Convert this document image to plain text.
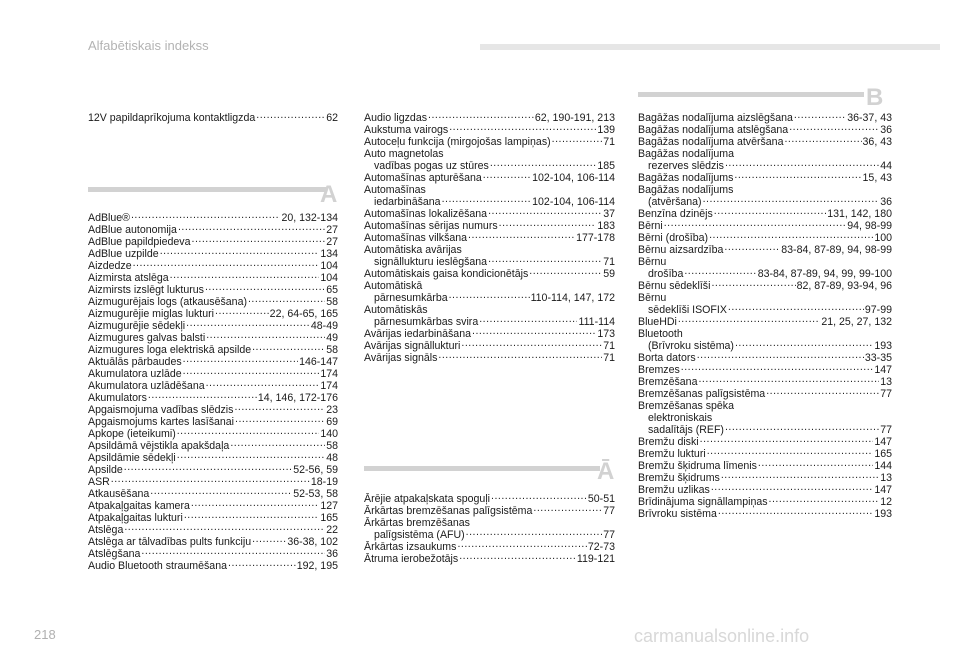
Alfabētiskais indekss
12V papildaprīkojuma kontaktligzda .....	62
A
AdBlue® .....	20, 132-134
AdBlue autonomija .....	27
AdBlue papildpiedeva .....	27
AdBlue uzpilde .....	134
Aizdedze .....	104
Aizmirsta atslēga .....	104
Aizmirsts izslēgt lukturus .....	65
Aizmugurējais logs (atkausēšana) .....	58
Aizmugurējie miglas lukturi .....	22, 64-65, 165
Aizmugurējie sēdekļi .....	48-49
Aizmugures galvas balsti .....	49
Aizmugures loga elektriskā apsilde .....	58
Aktuālās pārbaudes .....	146-147
Akumulatora uzlāde .....	174
Akumulatora uzlādēšana .....	174
Akumulators .....	14, 146, 172-176
Apgaismojuma vadības slēdzis .....	23
Apgaismojums kartes lasīšanai .....	69
Apkope (ieteikumi) .....	140
Apsildāmā vējstikla apakšdaļa .....	58
Apsildāmie sēdekļi .....	48
Apsilde .....	52-56, 59
ASR .....	18-19
Atkausēšana .....	52-53, 58
Atpakaļgaitas kamera .....	127
Atpakaļgaitas lukturi .....	165
Atslēga .....	22
Atslēga ar tālvadības pults funkciju .....	36-38, 102
Atslēgšana .....	36
Audio Bluetooth straumēšana .....	192, 195
Audio ligzdas .....	62, 190-191, 213
Aukstuma vairogs .....	139
Autoceļu funkcija (mirgojošas lampiņas) .....	71
Auto magnetolas
vadības pogas uz stūres .....	185
Automašīnas apturēšana .....	102-104, 106-114
Automašīnas
iedarbināšana .....	102-104, 106-114
Automašīnas lokalizēšana .....	37
Automašīnas sērijas numurs .....	183
Automašīnas vilkšana .....	177-178
Automātiska avārijas
signāllukturu ieslēgšana .....	71
Automātiskais gaisa kondicionētājs .....	59
Automātiskā
pārnesumkārba .....	110-114, 147, 172
Automātiskās
pārnesumkārbas svira .....	111-114
Avārijas iedarbināšana .....	173
Avārijas signāllukturi .....	71
Avārijas signāls .....	71
Ā
Ārējie atpakaļskata spoguļi .....	50-51
Ārkārtas bremzēšanas palīgsistēma .....	77
Ārkārtas bremzēšanas
palīgsistēma (AFU) .....	77
Ārkārtas izsaukums .....	72-73
Ātruma ierobežotājs .....	119-121
B
Bagāžas nodalījuma aizslēgšana .....	36-37, 43
Bagāžas nodalījuma atslēgšana .....	36
Bagāžas nodalījuma atvēršana .....	36, 43
Bagāžas nodalījuma
rezerves slēdzis .....	44
Bagāžas nodalījums .....	15, 43
Bagāžas nodalījums
(atvēršana) .....	36
Benzīna dzinējs .....	131, 142, 180
Bērni .....	94, 98-99
Bērni (drošība) .....	100
Bērnu aizsardzība .....	83-84, 87-89, 94, 98-99
Bērnu
drošība .....	83-84, 87-89, 94, 99, 99-100
Bērnu sēdeklīši .....	82, 87-89, 93-94, 96
Bērnu
sēdeklīši ISOFIX .....	97-99
BlueHDi .....	21, 25, 27, 132
Bluetooth
(Brīvroku sistēma) .....	193
Borta dators .....	33-35
Bremzes .....	147
Bremzēšana .....	13
Bremzēšanas palīgsistēma .....	77
Bremzēšanas spēka
elektroniskais
sadalītājs (REF) .....	77
Bremžu diski .....	147
Bremžu lukturi .....	165
Bremžu šķidruma līmenis .....	144
Bremžu šķidrums .....	13
Bremžu uzlikas .....	147
Brīdinājuma signāllampiņas .....	12
Brīvroku sistēma .....	193
218	carmanualsonline.info
